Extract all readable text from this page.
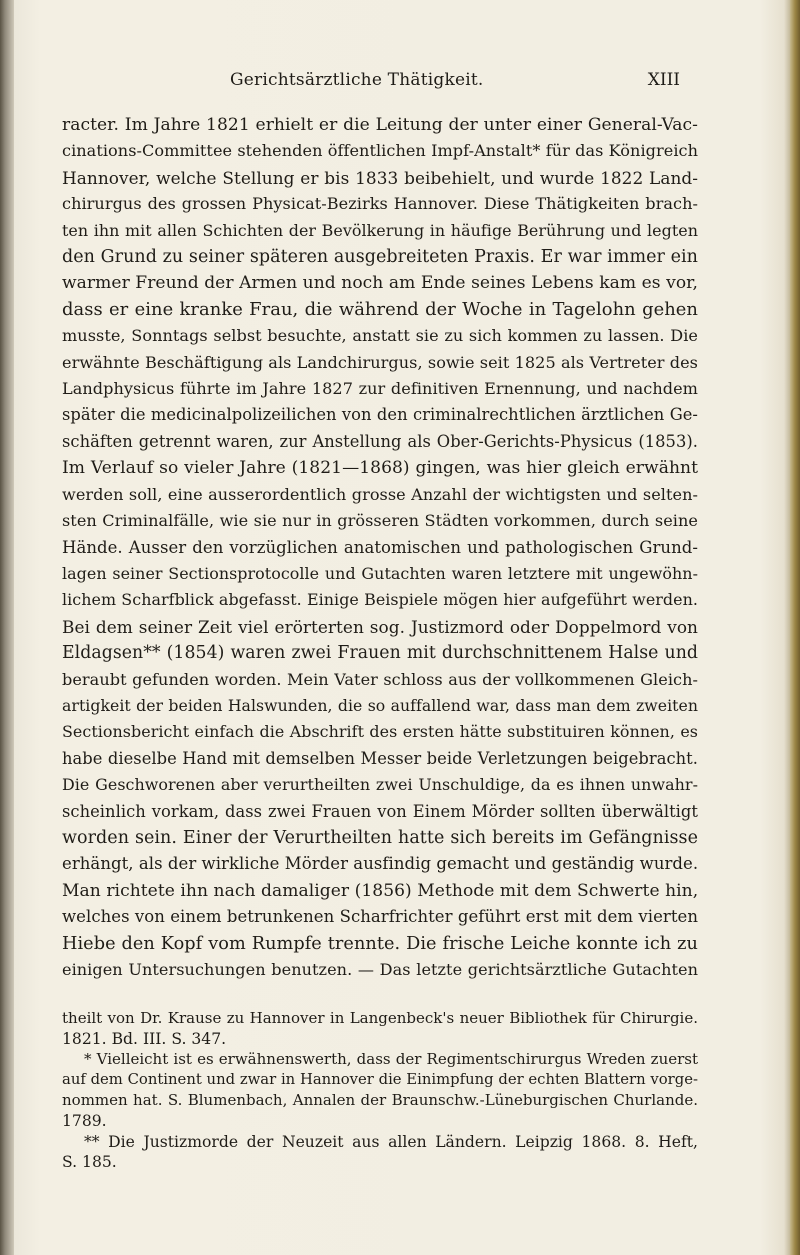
Gerichtsärztliche Thätigkeit.	XIII
racter. Im Jahre 1821 erhielt er die Leitung der unter einer General-Vac-
cinations-Committee stehenden öffentlichen Impf-Anstalt* für das Königreich
Hannover, welche Stellung er bis 1833 beibehielt, und wurde 1822 Land-
chirurgus des grossen Physicat-Bezirks Hannover. Diese Thätigkeiten brach-
ten ihn mit allen Schichten der Bevölkerung in häufige Berührung und legten
den Grund zu seiner späteren ausgebreiteten Praxis. Er war immer ein
warmer Freund der Armen und noch am Ende seines Lebens kam es vor,
dass er eine kranke Frau, die während der Woche in Tagelohn gehen
musste, Sonntags selbst besuchte, anstatt sie zu sich kommen zu lassen. Die
erwähnte Beschäftigung als Landchirurgus, sowie seit 1825 als Vertreter des
Landphysicus führte im Jahre 1827 zur definitiven Ernennung, und nachdem
später die medicinalpolizeilichen von den criminalrechtlichen ärztlichen Ge-
schäften getrennt waren, zur Anstellung als Ober-Gerichts-Physicus (1853).
Im Verlauf so vieler Jahre (1821—1868) gingen, was hier gleich erwähnt
werden soll, eine ausserordentlich grosse Anzahl der wichtigsten und selten-
sten Criminalfälle, wie sie nur in grösseren Städten vorkommen, durch seine
Hände. Ausser den vorzüglichen anatomischen und pathologischen Grund-
lagen seiner Sectionsprotocolle und Gutachten waren letztere mit ungewöhn-
lichem Scharfblick abgefasst. Einige Beispiele mögen hier aufgeführt werden.
Bei dem seiner Zeit viel erörterten sog. Justizmord oder Doppelmord von
Eldagsen** (1854) waren zwei Frauen mit durchschnittenem Halse und
beraubt gefunden worden. Mein Vater schloss aus der vollkommenen Gleich-
artigkeit der beiden Halswunden, die so auffallend war, dass man dem zweiten
Sectionsbericht einfach die Abschrift des ersten hätte substituiren können, es
habe dieselbe Hand mit demselben Messer beide Verletzungen beigebracht.
Die Geschworenen aber verurtheilten zwei Unschuldige, da es ihnen unwahr-
scheinlich vorkam, dass zwei Frauen von Einem Mörder sollten überwältigt
worden sein. Einer der Verurtheilten hatte sich bereits im Gefängnisse
erhängt, als der wirkliche Mörder ausfindig gemacht und geständig wurde.
Man richtete ihn nach damaliger (1856) Methode mit dem Schwerte hin,
welches von einem betrunkenen Scharfrichter geführt erst mit dem vierten
Hiebe den Kopf vom Rumpfe trennte. Die frische Leiche konnte ich zu
einigen Untersuchungen benutzen. — Das letzte gerichtsärztliche Gutachten
theilt von Dr. Krause zu Hannover in Langenbeck's neuer Bibliothek für Chirurgie.
1821. Bd. III. S. 347.
* Vielleicht ist es erwähnenswerth, dass der Regimentschirurgus Wreden zuerst
auf dem Continent und zwar in Hannover die Einimpfung der echten Blattern vorge-
nommen hat. S. Blumenbach, Annalen der Braunschw.-Lüneburgischen Churlande.
1789.
** Die Justizmorde der Neuzeit aus allen Ländern. Leipzig 1868. 8. Heft,
S. 185.
